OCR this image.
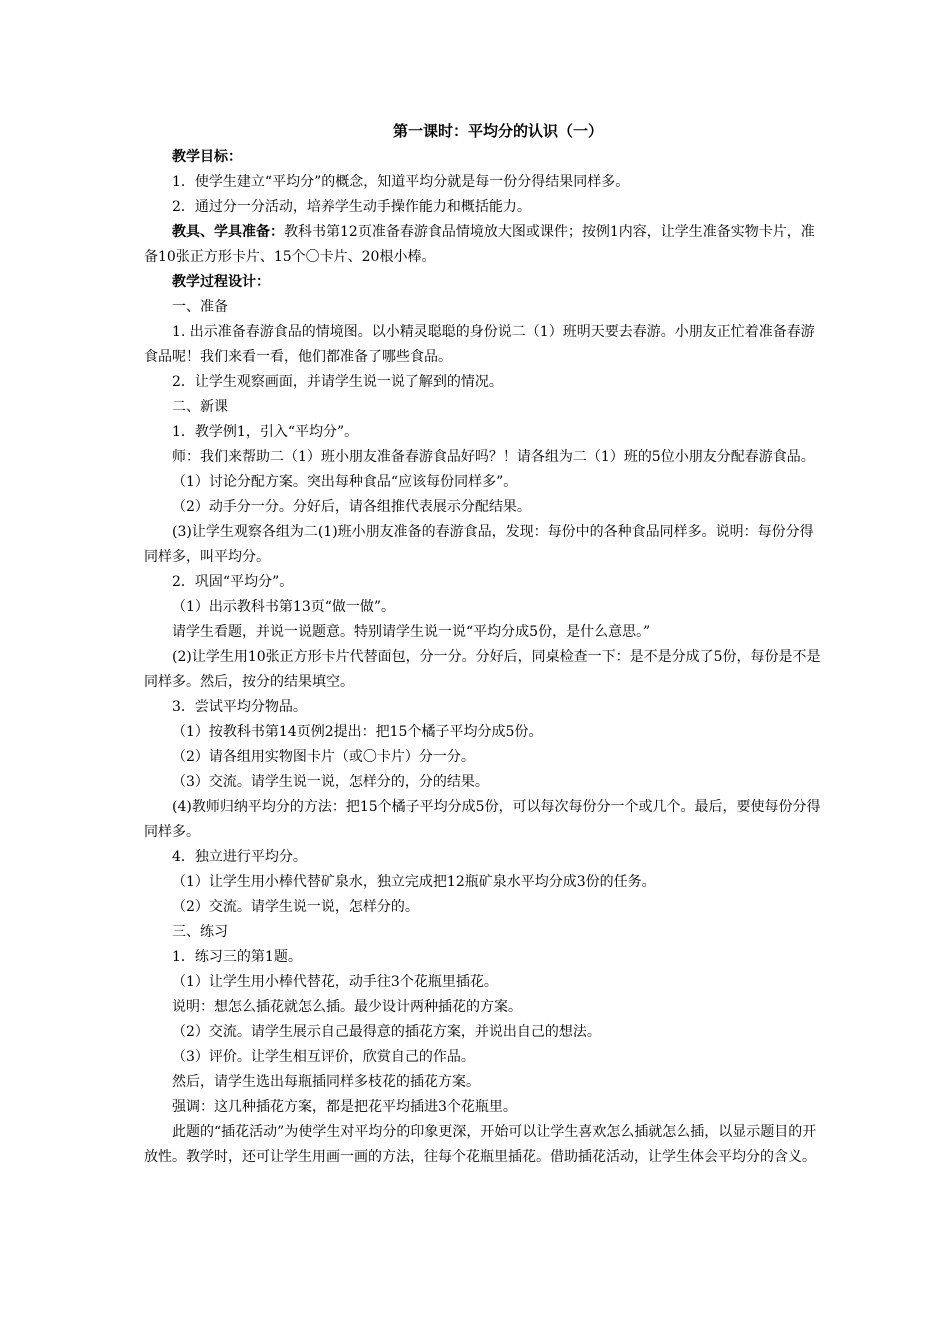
第一课时：平均分的认识（一）

教学目标：

1．使学生建立“平均分”的概念，知道平均分就是每一份分得结果同样多。

2．通过分一分活动，培养学生动手操作能力和概括能力。

教具、学具准备：教科书第12页准备春游食品情境放大图或课件；按例1内容，让学生准备实物卡片，准备10张正方形卡片、15个〇卡片、20根小棒。

教学过程设计：

一、准备

1. 出示准备春游食品的情境图。以小精灵聪聪的身份说二（1）班明天要去春游。小朋友正忙着准备春游食品呢！我们来看一看，他们都准备了哪些食品。

2．让学生观察画面，并请学生说一说了解到的情况。

二、新课

1．教学例1，引入“平均分”。

师：我们来帮助二（1）班小朋友准备春游食品好吗？！请各组为二（1）班的5位小朋友分配春游食品。

（1）讨论分配方案。突出每种食品“应该每份同样多”。

（2）动手分一分。分好后，请各组推代表展示分配结果。

(3)让学生观察各组为二(1)班小朋友准备的春游食品，发现：每份中的各种食品同样多。说明：每份分得同样多，叫平均分。

2．巩固“平均分”。

（1）出示教科书第13页“做一做”。

请学生看题，并说一说题意。特别请学生说一说“平均分成5份，是什么意思。”

(2)让学生用10张正方形卡片代替面包，分一分。分好后，同桌检查一下：是不是分成了5份，每份是不是同样多。然后，按分的结果填空。

3．尝试平均分物品。

（1）按教科书第14页例2提出：把15个橘子平均分成5份。

（2）请各组用实物图卡片（或〇卡片）分一分。

（3）交流。请学生说一说，怎样分的，分的结果。

(4)教师归纳平均分的方法：把15个橘子平均分成5份，可以每次每份分一个或几个。最后，要使每份分得同样多。

4．独立进行平均分。

（1）让学生用小棒代替矿泉水，独立完成把12瓶矿泉水平均分成3份的任务。

（2）交流。请学生说一说，怎样分的。

三、练习

1．练习三的第1题。

（1）让学生用小棒代替花，动手往3个花瓶里插花。

说明：想怎么插花就怎么插。最少设计两种插花的方案。

（2）交流。请学生展示自己最得意的插花方案，并说出自己的想法。

（3）评价。让学生相互评价，欣赏自己的作品。

然后，请学生选出每瓶插同样多枝花的插花方案。

强调：这几种插花方案，都是把花平均插进3个花瓶里。

此题的“插花活动”为使学生对平均分的印象更深，开始可以让学生喜欢怎么插就怎么插，以显示题目的开放性。教学时，还可让学生用画一画的方法，往每个花瓶里插花。借助插花活动，让学生体会平均分的含义。
